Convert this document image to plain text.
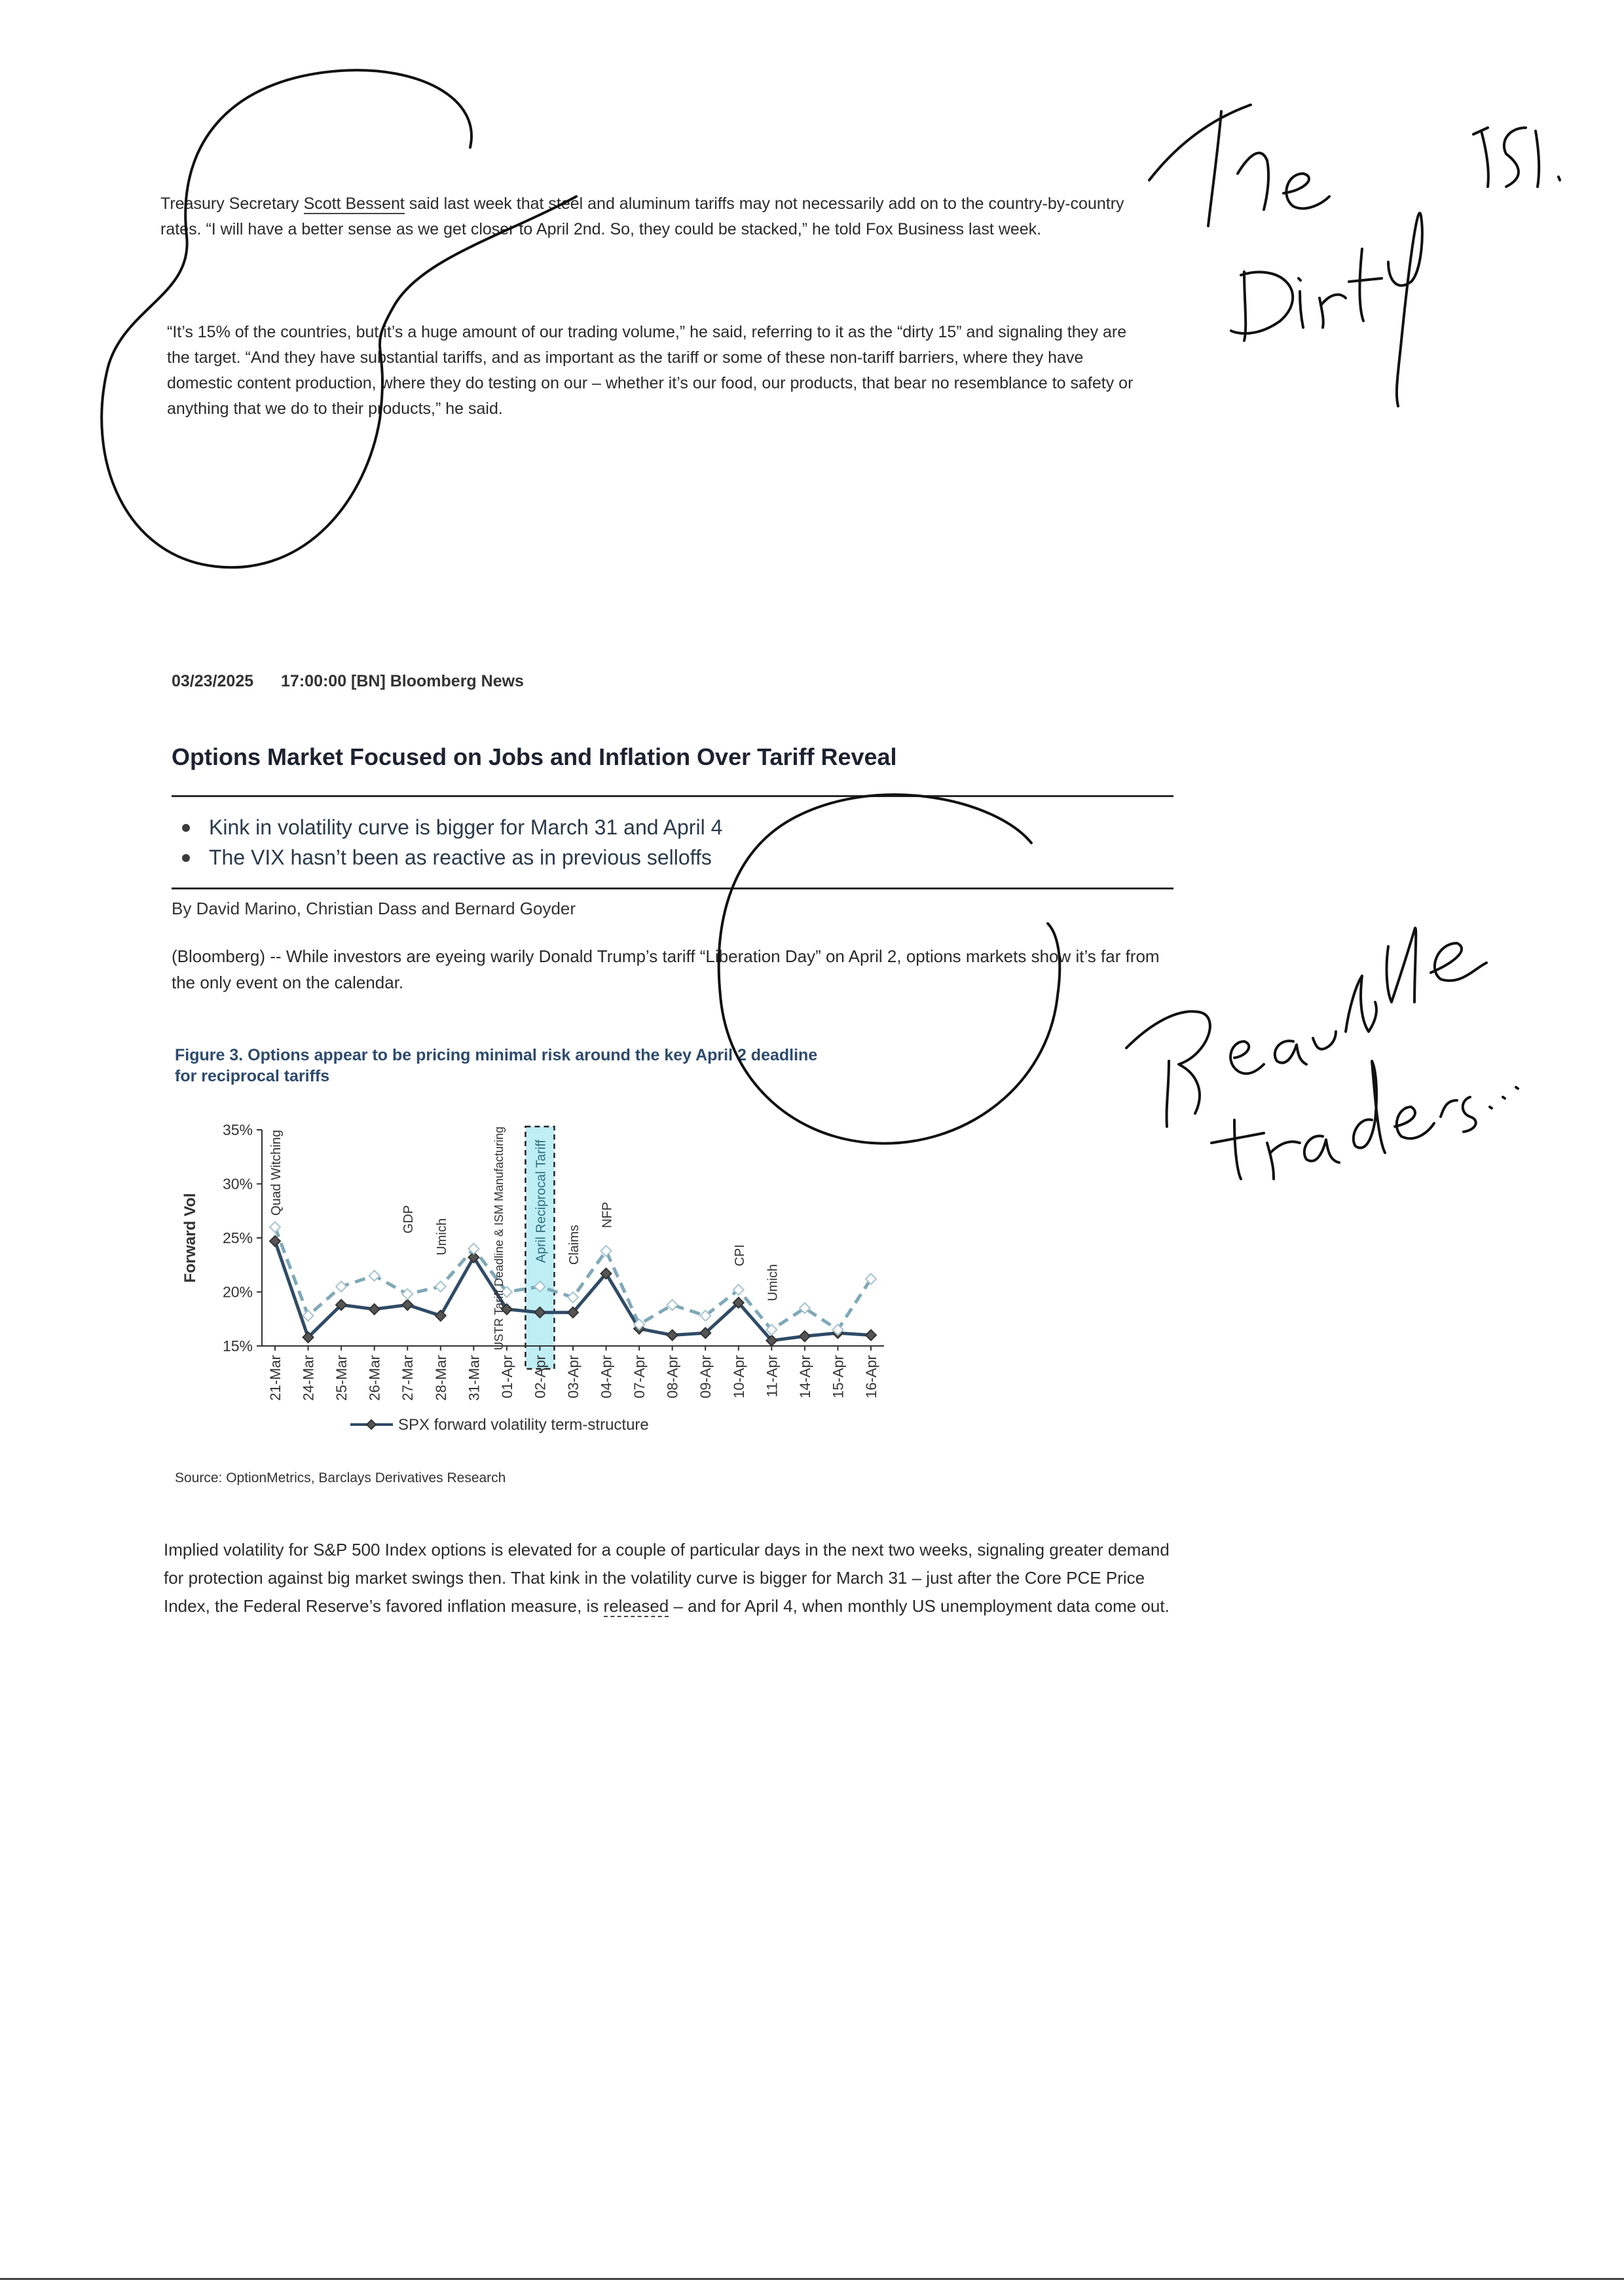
Treasury Secretary Scott Bessent said last week that steel and aluminum tariffs may not necessarily add on to the country-by-country rates. “I will have a better sense as we get closer to April 2nd. So, they could be stacked,” he told Fox Business last week.
“It’s 15% of the countries, but it’s a huge amount of our trading volume,” he said, referring to it as the “dirty 15” and signaling they are the target. “And they have substantial tariffs, and as important as the tariff or some of these non-tariff barriers, where they have domestic content production, where they do testing on our – whether it’s our food, our products, that bear no resemblance to safety or anything that we do to their products,” he said.
03/23/2025 17:00:00 [BN] Bloomberg News
Options Market Focused on Jobs and Inflation Over Tariff Reveal
Kink in volatility curve is bigger for March 31 and April 4
The VIX hasn’t been as reactive as in previous selloffs
By David Marino, Christian Dass and Bernard Goyder
(Bloomberg) -- While investors are eyeing warily Donald Trump’s tariff “Liberation Day” on April 2, options markets show it’s far from the only event on the calendar.
Figure 3. Options appear to be pricing minimal risk around the key April 2 deadline for reciprocal tariffs
15%
20%
25%
30%
35%
Forward Vol
21-Mar 24-Mar 25-Mar 26-Mar 27-Mar 28-Mar 31-Mar 01-Apr 02-Apr 03-Apr 04-Apr 07-Apr 08-Apr 09-Apr 10-Apr 11-Apr 14-Apr 15-Apr 16-Apr
Quad Witching
GDP Umich	USTR Tariff Deadline & ISM Manufacturing April Reciprocal Tariff Claims
NFP
CPI
Umich
SPX forward volatility term-structure
Source: OptionMetrics, Barclays Derivatives Research
Implied volatility for S&P 500 Index options is elevated for a couple of particular days in the next two weeks, signaling greater demand for protection against big market swings then. That kink in the volatility curve is bigger for March 31 – just after the Core PCE Price Index, the Federal Reserve’s favored inflation measure, is released – and for April 4, when monthly US unemployment data come out.
